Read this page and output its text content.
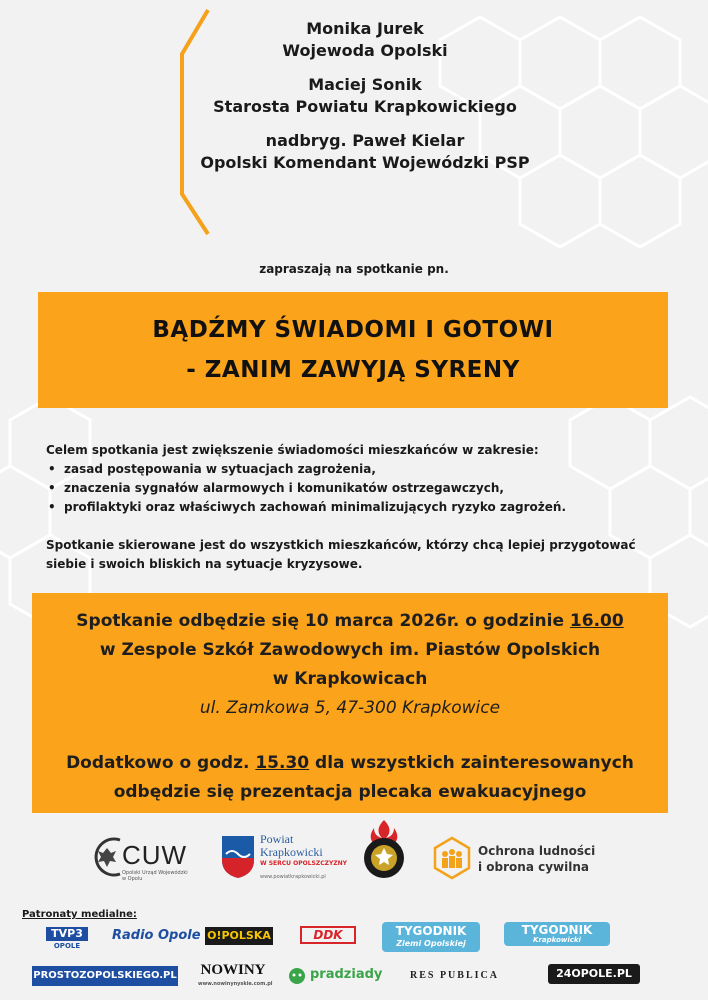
Monika Jurek
Wojewoda Opolski
Maciej Sonik
Starosta Powiatu Krapkowickiego
nadbryg. Paweł Kielar
Opolski Komendant Wojewódzki PSP
zapraszają na spotkanie pn.
BĄDŹMY ŚWIADOMI I GOTOWI
- ZANIM ZAWYJĄ SYRENY
Celem spotkania jest zwiększenie świadomości mieszkańców w zakresie:
• zasad postępowania w sytuacjach zagrożenia,
• znaczenia sygnałów alarmowych i komunikatów ostrzegawczych,
• profilaktyki oraz właściwych zachowań minimalizujących ryzyko zagrożeń.
Spotkanie skierowane jest do wszystkich mieszkańców, którzy chcą lepiej przygotować
siebie i swoich bliskich na sytuacje kryzysowe.
Spotkanie odbędzie się 10 marca 2026r. o godzinie 16.00
w Zespole Szkół Zawodowych im. Piastów Opolskich
w Krapkowicach
ul. Zamkowa 5, 47-300 Krapkowice
Dodatkowo o godz. 15.30 dla wszystkich zainteresowanych
odbędzie się prezentacja plecaka ewakuacyjnego
CUW
Opolski Urząd Wojewódzki
w Opolu
Powiat
Krapkowicki
W SERCU OPOLSZCZYZNY
www.powiatkrapkowicki.pl
Ochrona ludności
i obrona cywilna
Patronaty medialne:
TVP3
OPOLE
Radio Opole O!POLSKA	DDK	TYGODNIK
Ziemi Opolskiej
TYGODNIK
Krapkowicki
PROSTOZOPOLSKIEGO.PL NOWINY
www.nowinynyskie.com.pl
pradziady	RES PUBLICA	24OPOLE.PL
